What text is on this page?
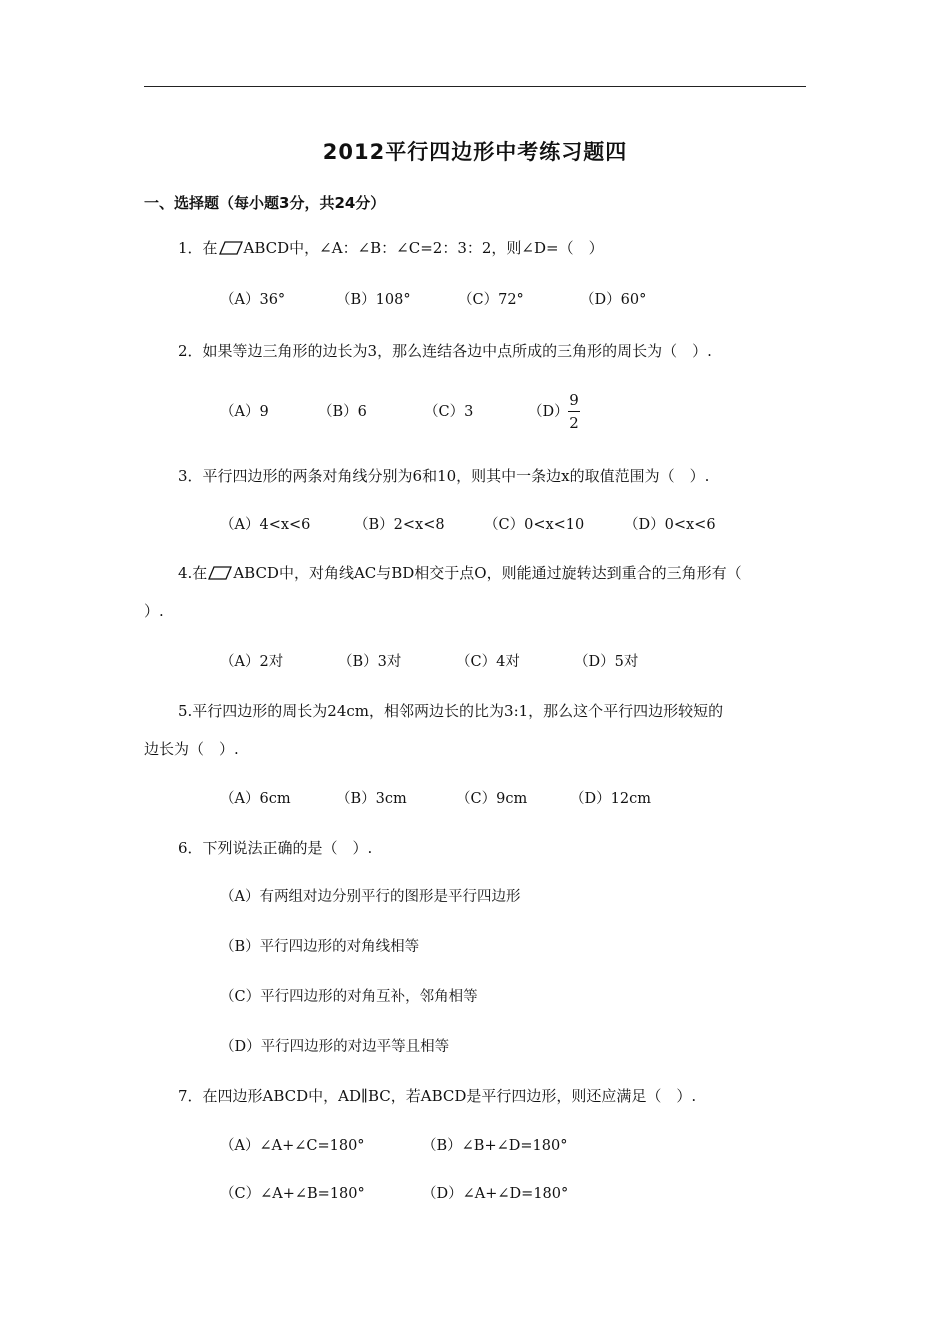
2012平行四边形中考练习题四
一、选择题（每小题3分，共24分）
1．在 ABCD中，∠A：∠B：∠C=2：3：2，则∠D=（　）
（A）36°	（B）108°	（C）72°	（D）60°
2．如果等边三角形的边长为3，那么连结各边中点所成的三角形的周长为（　）.
（A）9	（B）6	（C）3	（D）
9
2
3．平行四边形的两条对角线分别为6和10，则其中一条边x的取值范围为（　）.
（A）4<x<6	（B）2<x<8	（C）0<x<10	（D）0<x<6
4.在 ABCD中，对角线AC与BD相交于点O，则能通过旋转达到重合的三角形有（
）.
（A）2对	（B）3对	（C）4对	（D）5对
5.平行四边形的周长为24cm，相邻两边长的比为3:1，那么这个平行四边形较短的
边长为（　）.
（A）6cm	（B）3cm	（C）9cm	（D）12cm
6．下列说法正确的是（　）.
（A）有两组对边分别平行的图形是平行四边形
（B）平行四边形的对角线相等
（C）平行四边形的对角互补，邻角相等
（D）平行四边形的对边平等且相等
7．在四边形ABCD中，AD∥BC，若ABCD是平行四边形，则还应满足（　）.
（A）∠A+∠C=180°	（B）∠B+∠D=180°
（C）∠A+∠B=180°	（D）∠A+∠D=180°
